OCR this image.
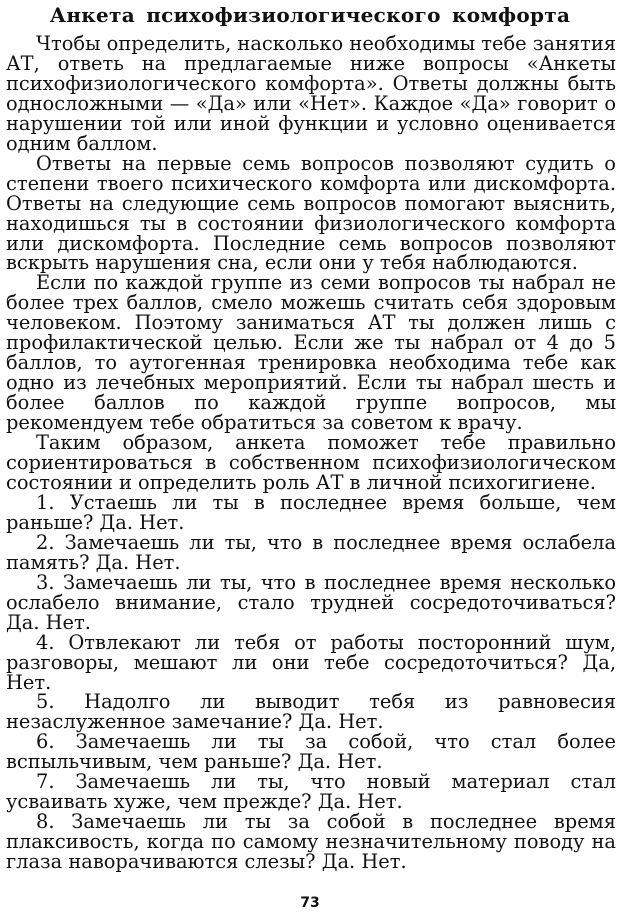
Анкета психофизиологического комфорта

Чтобы определить, насколько необходимы тебе занятия АТ, ответь на предлагаемые ниже вопросы «Анкеты психофизиологического комфорта». Ответы должны быть односложными — «Да» или «Нет». Каждое «Да» говорит о нарушении той или иной функции и условно оценивается одним баллом.

Ответы на первые семь вопросов позволяют судить о степени твоего психического комфорта или дискомфорта. Ответы на следующие семь вопросов помогают выяснить, находишься ты в состоянии физиологического комфорта или дискомфорта. Последние семь вопросов позволяют вскрыть нарушения сна, если они у тебя наблюдаются.

Если по каждой группе из семи вопросов ты набрал не более трех баллов, смело можешь считать себя здоровым человеком. Поэтому заниматься АТ ты должен лишь с профилактической целью. Если же ты набрал от 4 до 5 баллов, то аутогенная тренировка необходима тебе как одно из лечебных мероприятий. Если ты набрал шесть и более баллов по каждой группе вопросов, мы рекомендуем тебе обратиться за советом к врачу.

Таким образом, анкета поможет тебе правильно сориентироваться в собственном психофизиологическом состоянии и определить роль АТ в личной психогигиене.

1. Устаешь ли ты в последнее время больше, чем раньше? Да. Нет.

2. Замечаешь ли ты, что в последнее время ослабела память? Да. Нет.

3. Замечаешь ли ты, что в последнее время несколько ослабело внимание, стало трудней сосредоточиваться? Да. Нет.

4. Отвлекают ли тебя от работы посторонний шум, разговоры, мешают ли они тебе сосредоточиться? Да, Нет.

5. Надолго ли выводит тебя из равновесия незаслуженное замечание? Да. Нет.

6. Замечаешь ли ты за собой, что стал более вспыльчивым, чем раньше? Да. Нет.

7. Замечаешь ли ты, что новый материал стал усваивать хуже, чем прежде? Да. Нет.

8. Замечаешь ли ты за собой в последнее время плаксивость, когда по самому незначительному поводу на глаза наворачиваются слезы? Да. Нет.

73
